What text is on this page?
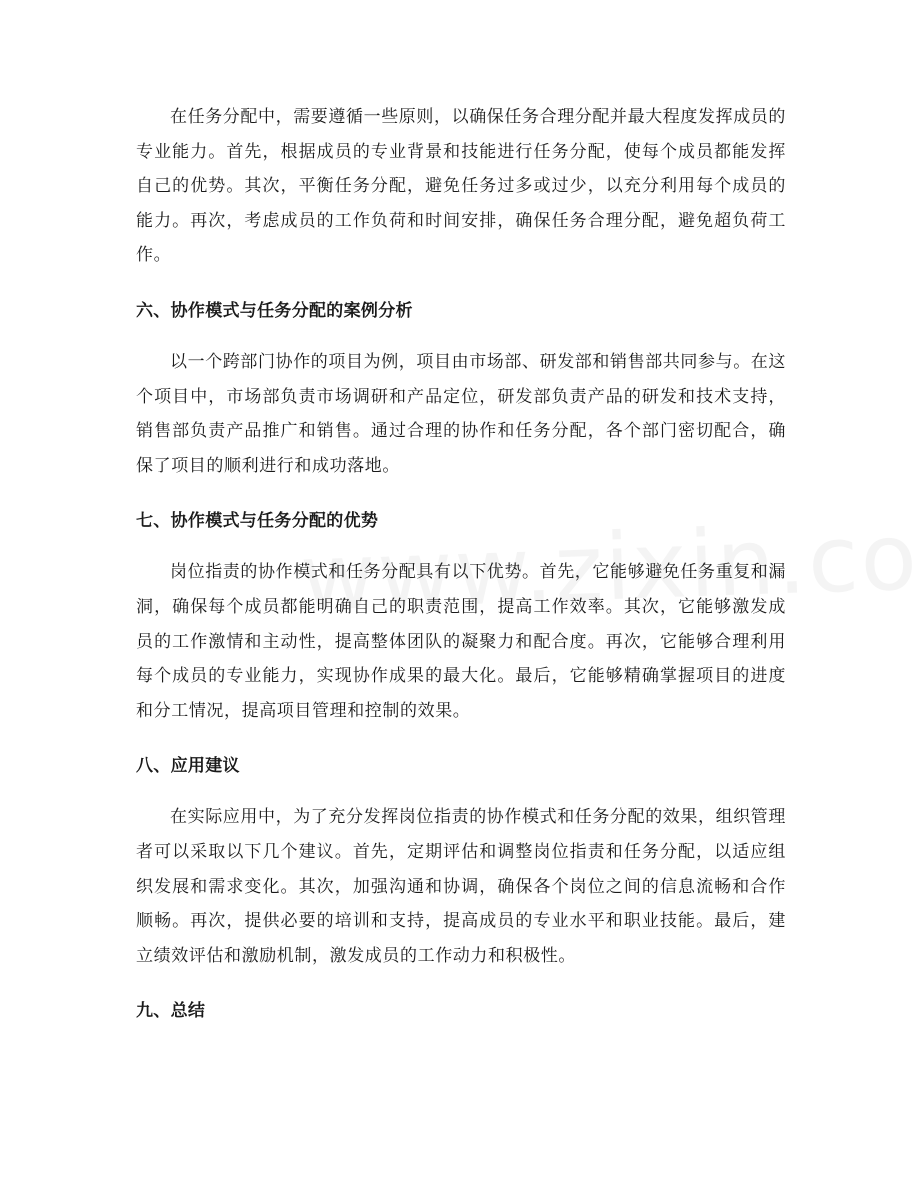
在任务分配中，需要遵循一些原则，以确保任务合理分配并最大程度发挥成员的专业能力。首先，根据成员的专业背景和技能进行任务分配，使每个成员都能发挥自己的优势。其次，平衡任务分配，避免任务过多或过少，以充分利用每个成员的能力。再次，考虑成员的工作负荷和时间安排，确保任务合理分配，避免超负荷工作。

六、协作模式与任务分配的案例分析

以一个跨部门协作的项目为例，项目由市场部、研发部和销售部共同参与。在这个项目中，市场部负责市场调研和产品定位，研发部负责产品的研发和技术支持，销售部负责产品推广和销售。通过合理的协作和任务分配，各个部门密切配合，确保了项目的顺利进行和成功落地。

七、协作模式与任务分配的优势

岗位指责的协作模式和任务分配具有以下优势。首先，它能够避免任务重复和漏洞，确保每个成员都能明确自己的职责范围，提高工作效率。其次，它能够激发成员的工作激情和主动性，提高整体团队的凝聚力和配合度。再次，它能够合理利用每个成员的专业能力，实现协作成果的最大化。最后，它能够精确掌握项目的进度和分工情况，提高项目管理和控制的效果。

八、应用建议

在实际应用中，为了充分发挥岗位指责的协作模式和任务分配的效果，组织管理者可以采取以下几个建议。首先，定期评估和调整岗位指责和任务分配，以适应组织发展和需求变化。其次，加强沟通和协调，确保各个岗位之间的信息流畅和合作顺畅。再次，提供必要的培训和支持，提高成员的专业水平和职业技能。最后，建立绩效评估和激励机制，激发成员的工作动力和积极性。

九、总结
